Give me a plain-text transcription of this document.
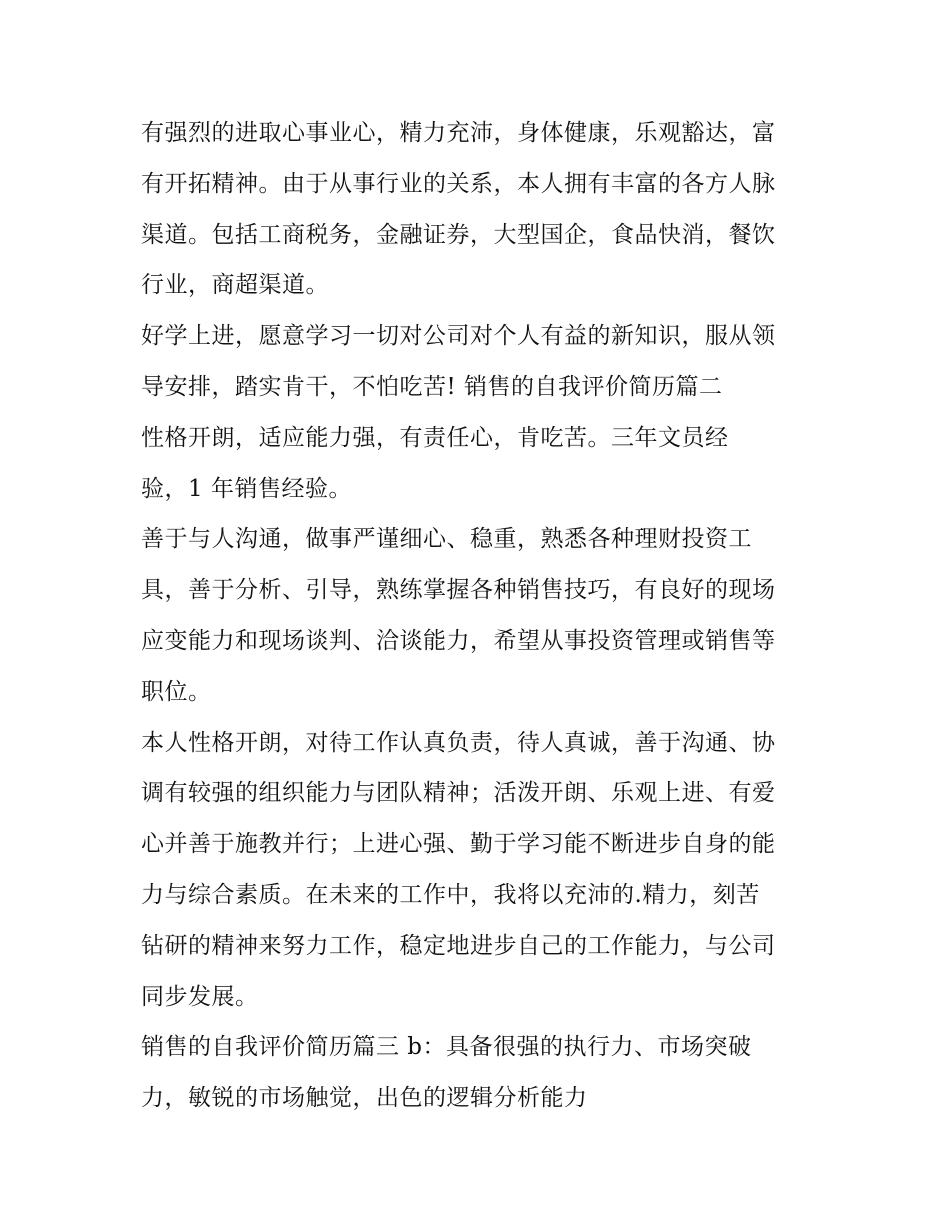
有强烈的进取心事业心，精力充沛，身体健康，乐观豁达，富
有开拓精神。由于从事行业的关系，本人拥有丰富的各方人脉
渠道。包括工商税务，金融证券，大型国企，食品快消，餐饮
行业，商超渠道。
好学上进，愿意学习一切对公司对个人有益的新知识，服从领
导安排，踏实肯干，不怕吃苦! 销售的自我评价简历篇二
性格开朗，适应能力强，有责任心，肯吃苦。三年文员经
验，1 年销售经验。
善于与人沟通，做事严谨细心、稳重，熟悉各种理财投资工
具，善于分析、引导，熟练掌握各种销售技巧，有良好的现场
应变能力和现场谈判、洽谈能力，希望从事投资管理或销售等
职位。
本人性格开朗，对待工作认真负责，待人真诚，善于沟通、协
调有较强的组织能力与团队精神；活泼开朗、乐观上进、有爱
心并善于施教并行；上进心强、勤于学习能不断进步自身的能
力与综合素质。在未来的工作中，我将以充沛的.精力，刻苦
钻研的精神来努力工作，稳定地进步自己的工作能力，与公司
同步发展。
销售的自我评价简历篇三 b：具备很强的执行力、市场突破
力，敏锐的市场触觉，出色的逻辑分析能力
